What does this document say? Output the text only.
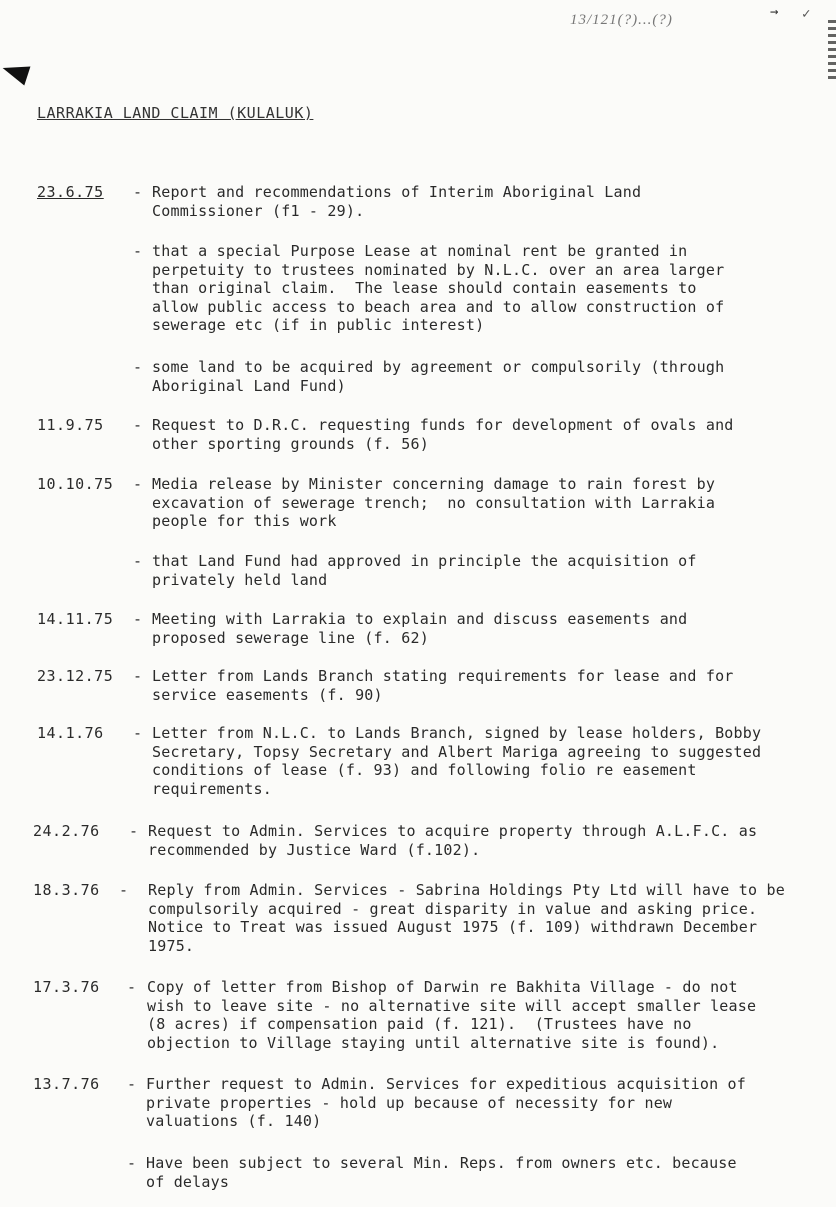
13/121(?)...(?)	→ ✓
LARRAKIA LAND CLAIM (KULALUK)
23.6.75 - Report and recommendations of Interim Aboriginal Land
Commissioner (f1 - 29).
- that a special Purpose Lease at nominal rent be granted in
perpetuity to trustees nominated by N.L.C. over an area larger
than original claim.  The lease should contain easements to
allow public access to beach area and to allow construction of
sewerage etc (if in public interest)
- some land to be acquired by agreement or compulsorily (through
Aboriginal Land Fund)
11.9.75 - Request to D.R.C. requesting funds for development of ovals and
other sporting grounds (f. 56)
10.10.75 - Media release by Minister concerning damage to rain forest by
excavation of sewerage trench;  no consultation with Larrakia
people for this work
- that Land Fund had approved in principle the acquisition of
privately held land
14.11.75 - Meeting with Larrakia to explain and discuss easements and
proposed sewerage line (f. 62)
23.12.75 - Letter from Lands Branch stating requirements for lease and for
service easements (f. 90)
14.1.76 - Letter from N.L.C. to Lands Branch, signed by lease holders, Bobby
Secretary, Topsy Secretary and Albert Mariga agreeing to suggested
conditions of lease (f. 93) and following folio re easement
requirements.
24.2.76 - Request to Admin. Services to acquire property through A.L.F.C. as
recommended by Justice Ward (f.102).
18.3.76 - Reply from Admin. Services - Sabrina Holdings Pty Ltd will have to be
compulsorily acquired - great disparity in value and asking price.
Notice to Treat was issued August 1975 (f. 109) withdrawn December
1975.
17.3.76 - Copy of letter from Bishop of Darwin re Bakhita Village - do not
wish to leave site - no alternative site will accept smaller lease
(8 acres) if compensation paid (f. 121).  (Trustees have no
objection to Village staying until alternative site is found).
13.7.76 - Further request to Admin. Services for expeditious acquisition of
private properties - hold up because of necessity for new
valuations (f. 140)
- Have been subject to several Min. Reps. from owners etc. because
of delays
